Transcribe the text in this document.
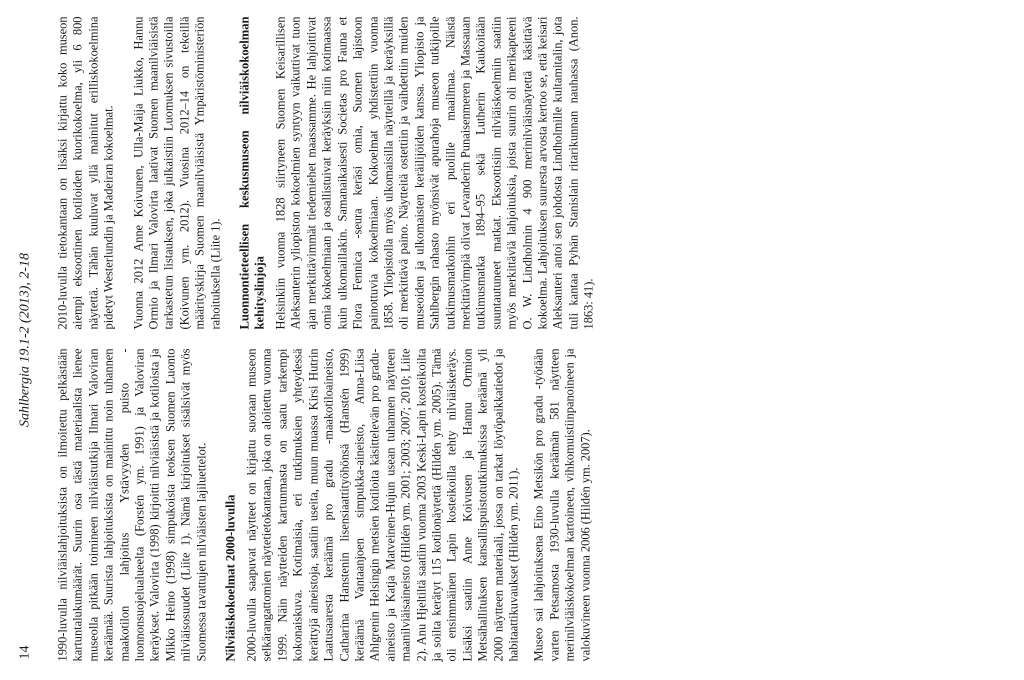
14
Sahlbergia 19.1-2 (2013), 2-18

1990-luvulla nilviäislahjoituksista on ilmoitettu pelkästään kartuntalukumäärät. Suurin osa tästä materiaalista lienee museolla pitkään toimineen nilviäistutkija Ilmari Valoviran keräämää. Suurista lahjoituksista on mainittu noin tuhannen maakotilon lahjoitus Ystävyyden puisto -luonnonsuojelualueelta (Forstén ym. 1991) ja Valoviran keräykset. Valovirta (1998) kirjoitti nilviäisistä ja kotiloista ja Mikko Heino (1998) simpukoista teoksen Suomen Luonto nilviäisosuudet (Liite 1). Nämä kirjoitukset sisälsivät myös Suomessa tavattujen nilviäisten lajiluettelot. Nilviäiskokoelmat 2000-luvulla 2000-luvulla saapuvat näytteet on kirjattu suoraan museon selkärangattomien näytetietokantaan, joka on aloitettu vuonna 1999. Näin näytteiden kartunmasta on saatu tarkempi kokonaiskuva. Kotimaisia, eri tutkimuksien yhteydessä kerättyjä aineistoja, saatiin useita, muun muassa Kirsi Hutrin Laatusaaresta keräämä pro gradu -maakotiloaineisto, Catharina Hanstenin lisensiaattityöhönsä (Hanstén 1999) keräämä Vantaanjoen simpukka-aineisto, Anna-Liisa Ahlgrenin Helsingin metsien kotiloita käsittelevän pro gradu-aineisto ja Katja Matveinen-Hujun usean tuhannen näytteen maanilviäisaineisto (Hildén ym. 2001; 2003; 2007; 2010; Liite 2). Anu Hjeltiltä saatiin vuonna 2003 Keski-Lapin kosteikoilta ja soilta kerätyt 115 kotilonäytettä (Hildén ym. 2005). Tämä oli ensimmäinen Lapin kosteikoilla tehty nilviäiskeräys. Lisäksi saatiin Anne Koivusen ja Hannu Ormion Metsähallituksen kansallispuistotutkimuksissa keräämä yli 2000 näytteen materiaali, jossa on tarkat löytöpaikkatiedot ja habitaattikuvaukset (Hildén ym. 2011). Museo sai lahjoituksena Eino Metsikön pro gradu -työtään varten Petsamosta 1930-luvulla keräämän 581 näytteen merinilviäiskokoelman kartoineen, vihkomuistiinpanoineen ja valokuvineen vuonna 2006 (Hildén ym. 2007).

2010-luvulla tietokantaan on lisäksi kirjattu koko museon aiempi eksoottinen kotiloiden kuorikokoelma, yli 6 800 näytettä. Tähän kuuluvat yllä mainitut erilliskokoelmina pidetyt Westerlundin ja Madeiran kokoelmat. Vuonna 2012 Anne Koivunen, Ulla-Maija Liukko, Hannu Ormio ja Ilmari Valovirta laativat Suomen maanilviäisistä tarkastetun listauksen, joka julkaistiin Luomuksen sivustoilla (Koivunen ym. 2012). Vuosina 2012–14 on tekeillä määrityskirja Suomen maanilviäisistä Ympäristöministeriön rahoituksella (Liite 1). Luonnontieteellisen keskusmuseon nilviäiskokoelman kehityslinjoja Helsinkiin vuonna 1828 siirtyneen Suomen Keisarillisen Aleksanterin yliopiston kokoelmien syntyyn vaikuttivat tuon ajan merkittävimmät tiedemiehet maassamme. He lahjoittivat omia kokoelmiaan ja osallistuivat keräyksiin niin kotimaassa kuin ulkomaillakin. Samanaikaisesti Societas pro Fauna et Flora Fennica -seura keräsi omia, Suomen lajistoon painottuvia kokoelmiaan. Kokoelmat yhdistettiin vuonna 1858. Yliopistolla myös ulkomaisilla näytteillä ja keräyksillä oli merkittävä paino. Näytteitä ostettiin ja vaihdettiin muiden museoiden ja ulkomaisten keräilijöiden kanssa. Yliopisto ja Sahlbergin rahasto myönsivät apurahoja museon tutkijoille tutkimusmatkoihin eri puolille maailmaa. Näistä merkittävimpiä olivat Levanderin Punaisenmeren ja Massauan tutkimusmatka 1894–95 sekä Lutherin Kaukoitään suuntautuneet matkat. Eksoottisiin nilviäiskoelmiin saatiin myös merkittäviä lahjoituksia, joista suurin oli merikapteeni O. W. Lindholmin 4 900 merinilviäisnäytettä käsittävä kokoelma. Lahjoituksen suuresta arvosta kertoo se, että keisari Aleksanteri antoi sen johdosta Lindholmille kultamitalin, jota tuli kantaa Pyhän Stanislain ritarikunnan nauhassa (Anon. 1863: 41).
